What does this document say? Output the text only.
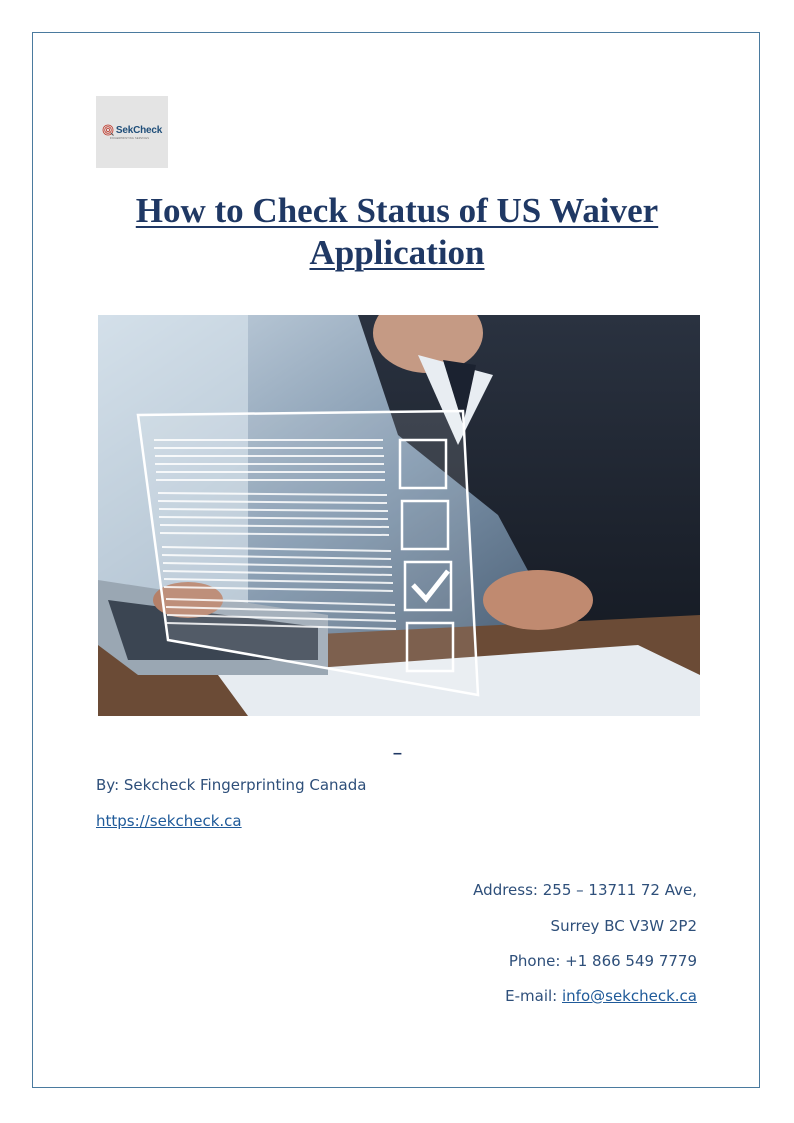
SekCheck
FINGERPRINTING SERVICES
How to Check Status of US Waiver Application
–
By: Sekcheck Fingerprinting Canada
https://sekcheck.ca
Address: 255 – 13711 72 Ave,
Surrey BC V3W 2P2
Phone: +1 866 549 7779
E-mail: info@sekcheck.ca
